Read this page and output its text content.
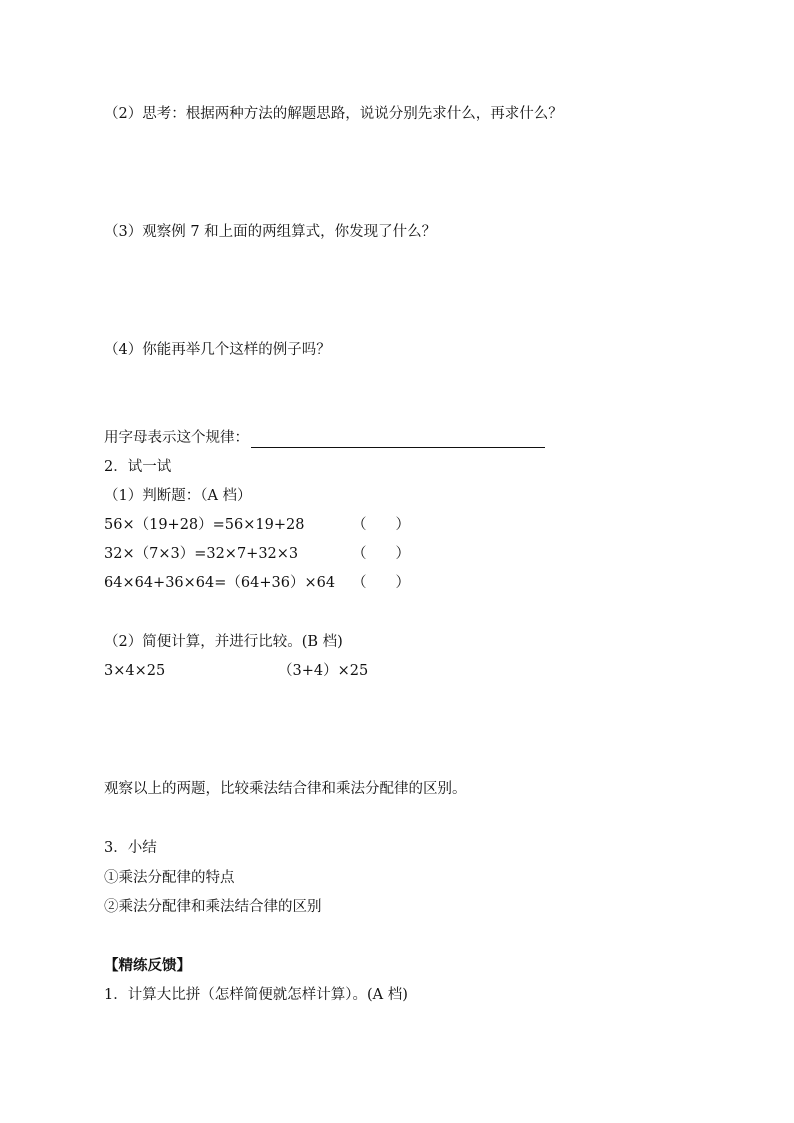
（2）思考：根据两种方法的解题思路，说说分别先求什么，再求什么？
（3）观察例 7 和上面的两组算式，你发现了什么？
（4）你能再举几个这样的例子吗？
用字母表示这个规律：
2．试一试
（1）判断题：（A 档）
56×（19+28）=56×19+28	（　　）
32×（7×3）=32×7+32×3	（　　）
64×64+36×64=（64+36）×64 （　　）
（2）简便计算，并进行比较。(B 档)
3×4×25	（3+4）×25
观察以上的两题，比较乘法结合律和乘法分配律的区别。
3．小结
①乘法分配律的特点
②乘法分配律和乘法结合律的区别
【精练反馈】
1．计算大比拼（怎样简便就怎样计算）。(A 档)
